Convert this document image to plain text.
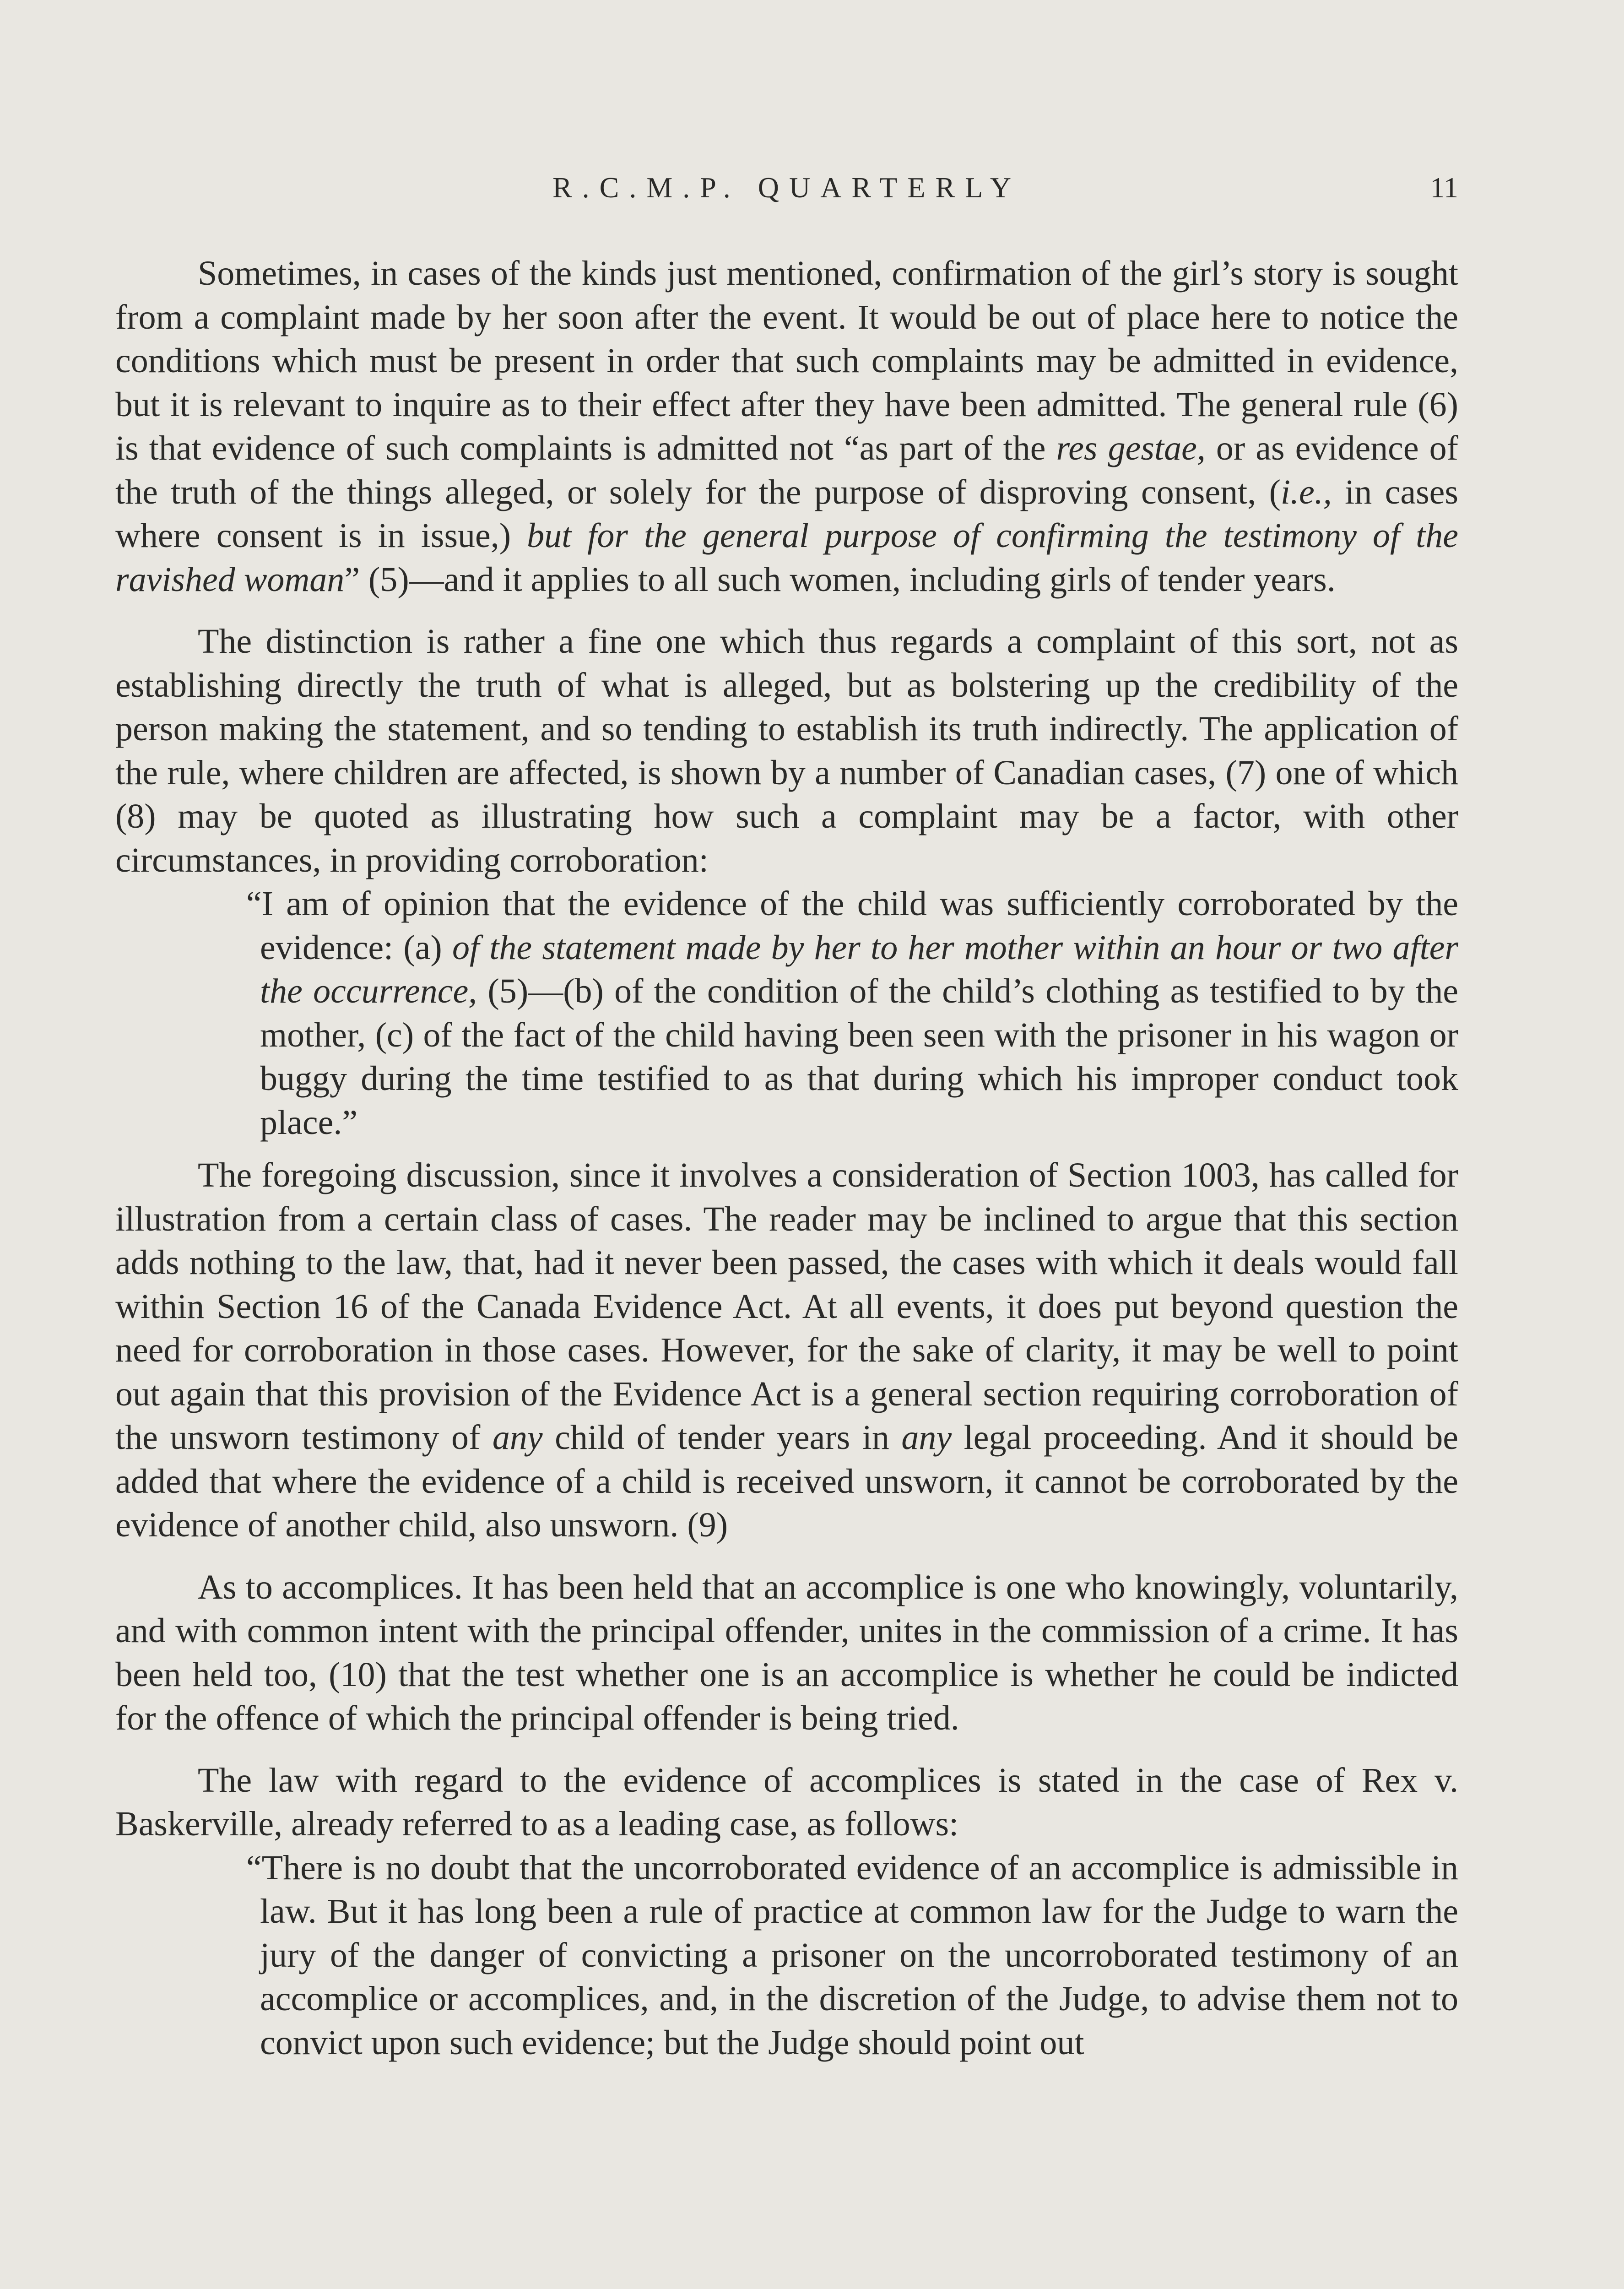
R.C.M.P. QUARTERLY	11

Sometimes, in cases of the kinds just mentioned, confirmation of the girl’s story is sought from a complaint made by her soon after the event. It would be out of place here to notice the conditions which must be present in order that such complaints may be admitted in evidence, but it is relevant to inquire as to their effect after they have been admitted. The general rule (6) is that evidence of such complaints is admitted not “as part of the res gestae, or as evidence of the truth of the things alleged, or solely for the purpose of disproving consent, (i.e., in cases where consent is in issue,) but for the general purpose of confirming the testimony of the ravished woman” (5)—and it applies to all such women, including girls of tender years.

The distinction is rather a fine one which thus regards a complaint of this sort, not as establishing directly the truth of what is alleged, but as bolstering up the credibility of the person making the statement, and so tending to establish its truth indirectly. The application of the rule, where children are affected, is shown by a number of Canadian cases, (7) one of which (8) may be quoted as illustrating how such a complaint may be a factor, with other circumstances, in providing corroboration:

“I am of opinion that the evidence of the child was sufficiently corroborated by the evidence: (a) of the statement made by her to her mother within an hour or two after the occurrence, (5)—(b) of the condition of the child’s clothing as testified to by the mother, (c) of the fact of the child having been seen with the prisoner in his wagon or buggy during the time testified to as that during which his improper conduct took place.”

The foregoing discussion, since it involves a consideration of Section 1003, has called for illustration from a certain class of cases. The reader may be inclined to argue that this section adds nothing to the law, that, had it never been passed, the cases with which it deals would fall within Section 16 of the Canada Evidence Act. At all events, it does put beyond question the need for corroboration in those cases. However, for the sake of clarity, it may be well to point out again that this provision of the Evidence Act is a general section requiring corroboration of the unsworn testimony of any child of tender years in any legal proceeding. And it should be added that where the evidence of a child is received unsworn, it cannot be corroborated by the evidence of another child, also unsworn. (9)

As to accomplices. It has been held that an accomplice is one who knowingly, voluntarily, and with common intent with the principal offender, unites in the commission of a crime. It has been held too, (10) that the test whether one is an accomplice is whether he could be indicted for the offence of which the principal offender is being tried.

The law with regard to the evidence of accomplices is stated in the case of Rex v. Baskerville, already referred to as a leading case, as follows:

“There is no doubt that the uncorroborated evidence of an accomplice is admissible in law. But it has long been a rule of practice at common law for the Judge to warn the jury of the danger of convicting a prisoner on the uncorroborated testimony of an accomplice or accomplices, and, in the discretion of the Judge, to advise them not to convict upon such evidence; but the Judge should point out
